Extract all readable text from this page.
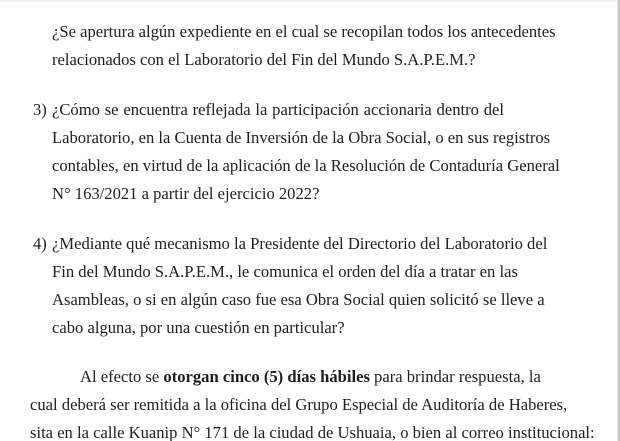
¿Se apertura algún expediente en el cual se recopilan todos los antecedentes
relacionados con el Laboratorio del Fin del Mundo S.A.P.E.M.?
3) ¿Cómo se encuentra reflejada la participación accionaria dentro del
Laboratorio, en la Cuenta de Inversión de la Obra Social, o en sus registros
contables, en virtud de la aplicación de la Resolución de Contaduría General
N° 163/2021 a partir del ejercicio 2022?
4) ¿Mediante qué mecanismo la Presidente del Directorio del Laboratorio del
Fin del Mundo S.A.P.E.M., le comunica el orden del día a tratar en las
Asambleas, o si en algún caso fue esa Obra Social quien solicitó se lleve a
cabo alguna, por una cuestión en particular?
Al efecto se otorgan cinco (5) días hábiles para brindar respuesta, la
cual deberá ser remitida a la oficina del Grupo Especial de Auditoría de Haberes,
sita en la calle Kuanip N° 171 de la ciudad de Ushuaia, o bien al correo institucional:
